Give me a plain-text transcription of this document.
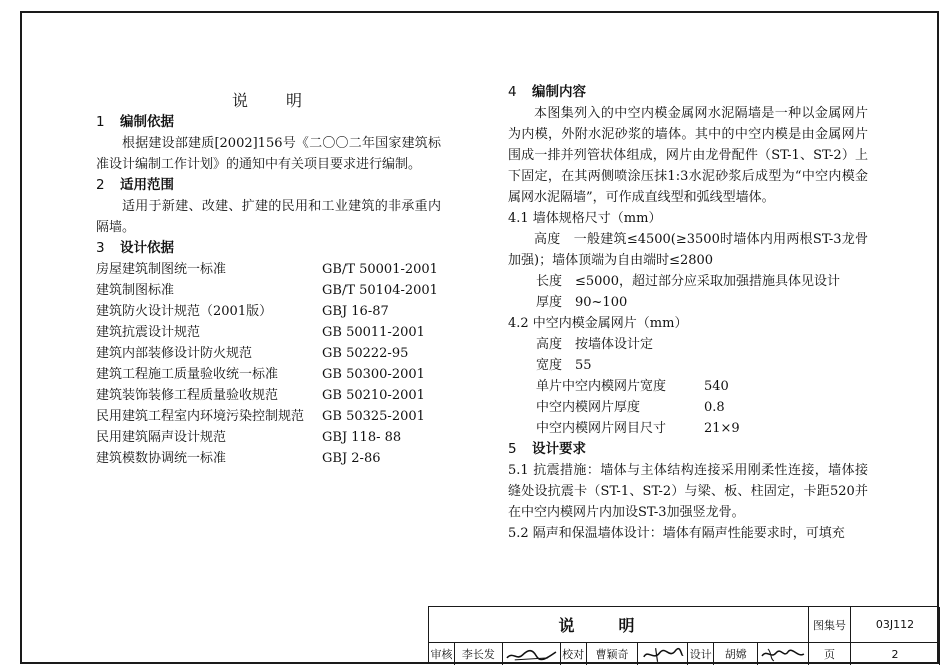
说明
1 编制依据
根据建设部建质[2002]156号《二〇〇二年国家建筑标准设计编制工作计划》的通知中有关项目要求进行编制。
2 适用范围
适用于新建、改建、扩建的民用和工业建筑的非承重内隔墙。
3 设计依据
房屋建筑制图统一标准	GB/T 50001-2001
建筑制图标准	GB/T 50104-2001
建筑防火设计规范（2001版）	GBJ 16-87
建筑抗震设计规范	GB 50011-2001
建筑内部装修设计防火规范	GB 50222-95
建筑工程施工质量验收统一标准	GB 50300-2001
建筑装饰装修工程质量验收规范	GB 50210-2001
民用建筑工程室内环境污染控制规范	GB 50325-2001
民用建筑隔声设计规范	GBJ 118- 88
建筑模数协调统一标准	GBJ 2-86
4 编制内容
本图集列入的中空内模金属网水泥隔墙是一种以金属网片为内模，外附水泥砂浆的墙体。其中的中空内模是由金属网片围成一排并列管状体组成，网片由龙骨配件（ST-1、ST-2）上下固定，在其两侧喷涂压抹1:3水泥砂浆后成型为“中空内模金属网水泥隔墙”，可作成直线型和弧线型墙体。
4.1 墙体规格尺寸（mm）
高度　一般建筑≤4500(≥3500时墙体内用两根ST-3龙骨加强)；墙体顶端为自由端时≤2800
长度　≤5000，超过部分应采取加强措施具体见设计
厚度　90~100
4.2 中空内模金属网片（mm）
高度　按墙体设计定
宽度　55
单片中空内模网片宽度	540
中空内模网片厚度	0.8
中空内模网片网目尺寸	21×9
5 设计要求
5.1 抗震措施：墙体与主体结构连接采用刚柔性连接，墙体接缝处设抗震卡（ST-1、ST-2）与梁、板、柱固定，卡距520并在中空内模网片内加设ST-3加强竖龙骨。
5.2 隔声和保温墙体设计：墙体有隔声性能要求时，可填充
说明	图集号	03J112
页	2
审核 李长发	校对	曹颖奇	设计	胡嫦
